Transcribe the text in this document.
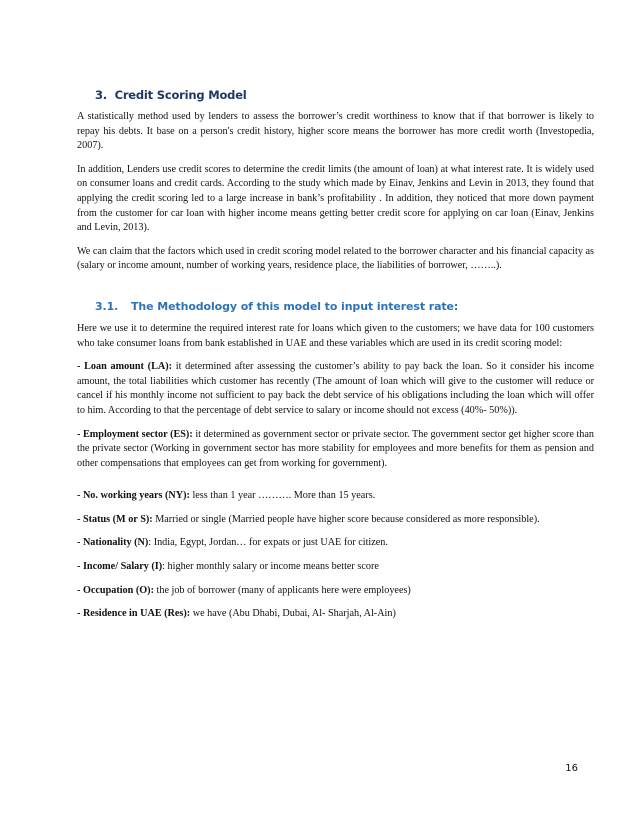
3. Credit Scoring Model

A statistically method used by lenders to assess the borrower’s credit worthiness to know that if that borrower is likely to repay his debts. It base on a person's credit history, higher score means the borrower has more credit worth (Investopedia, 2007).

In addition, Lenders use credit scores to determine the credit limits (the amount of loan) at what interest rate. It is widely used on consumer loans and credit cards. According to the study which made by Einav, Jenkins and Levin in 2013, they found that applying the credit scoring led to a large increase in bank’s profitability . In addition, they noticed that more down payment from the customer for car loan with higher income means getting better credit score for applying on car loan (Einav, Jenkins and Levin, 2013).

We can claim that the factors which used in credit scoring model related to the borrower character and his financial capacity as (salary or income amount, number of working years, residence place, the liabilities of borrower, ……..).

3.1. The Methodology of this model to input interest rate:

Here we use it to determine the required interest rate for loans which given to the customers; we have data for 100 customers who take consumer loans from bank established in UAE and these variables which are used in its credit scoring model:

- Loan amount (LA): it determined after assessing the customer’s ability to pay back the loan. So it consider his income amount, the total liabilities which customer has recently (The amount of loan which will give to the customer will reduce or cancel if his monthly income not sufficient to pay back the debt service of his obligations including the loan which will offer to him. According to that the percentage of debt service to salary or income should not excess (40%- 50%)).

- Employment sector (ES): it determined as government sector or private sector. The government sector get higher score than the private sector (Working in government sector has more stability for employees and more benefits for them as pension and other compensations that employees can get from working for government).

- No. working years (NY): less than 1 year ………. More than 15 years.

- Status (M or S): Married or single (Married people have higher score because considered as more responsible).

- Nationality (N): India, Egypt, Jordan… for expats or just UAE for citizen.

- Income/ Salary (I): higher monthly salary or income means better score

- Occupation (O): the job of borrower (many of applicants here were employees)

- Residence in UAE (Res): we have (Abu Dhabi, Dubai, Al- Sharjah, Al-Ain)

16
